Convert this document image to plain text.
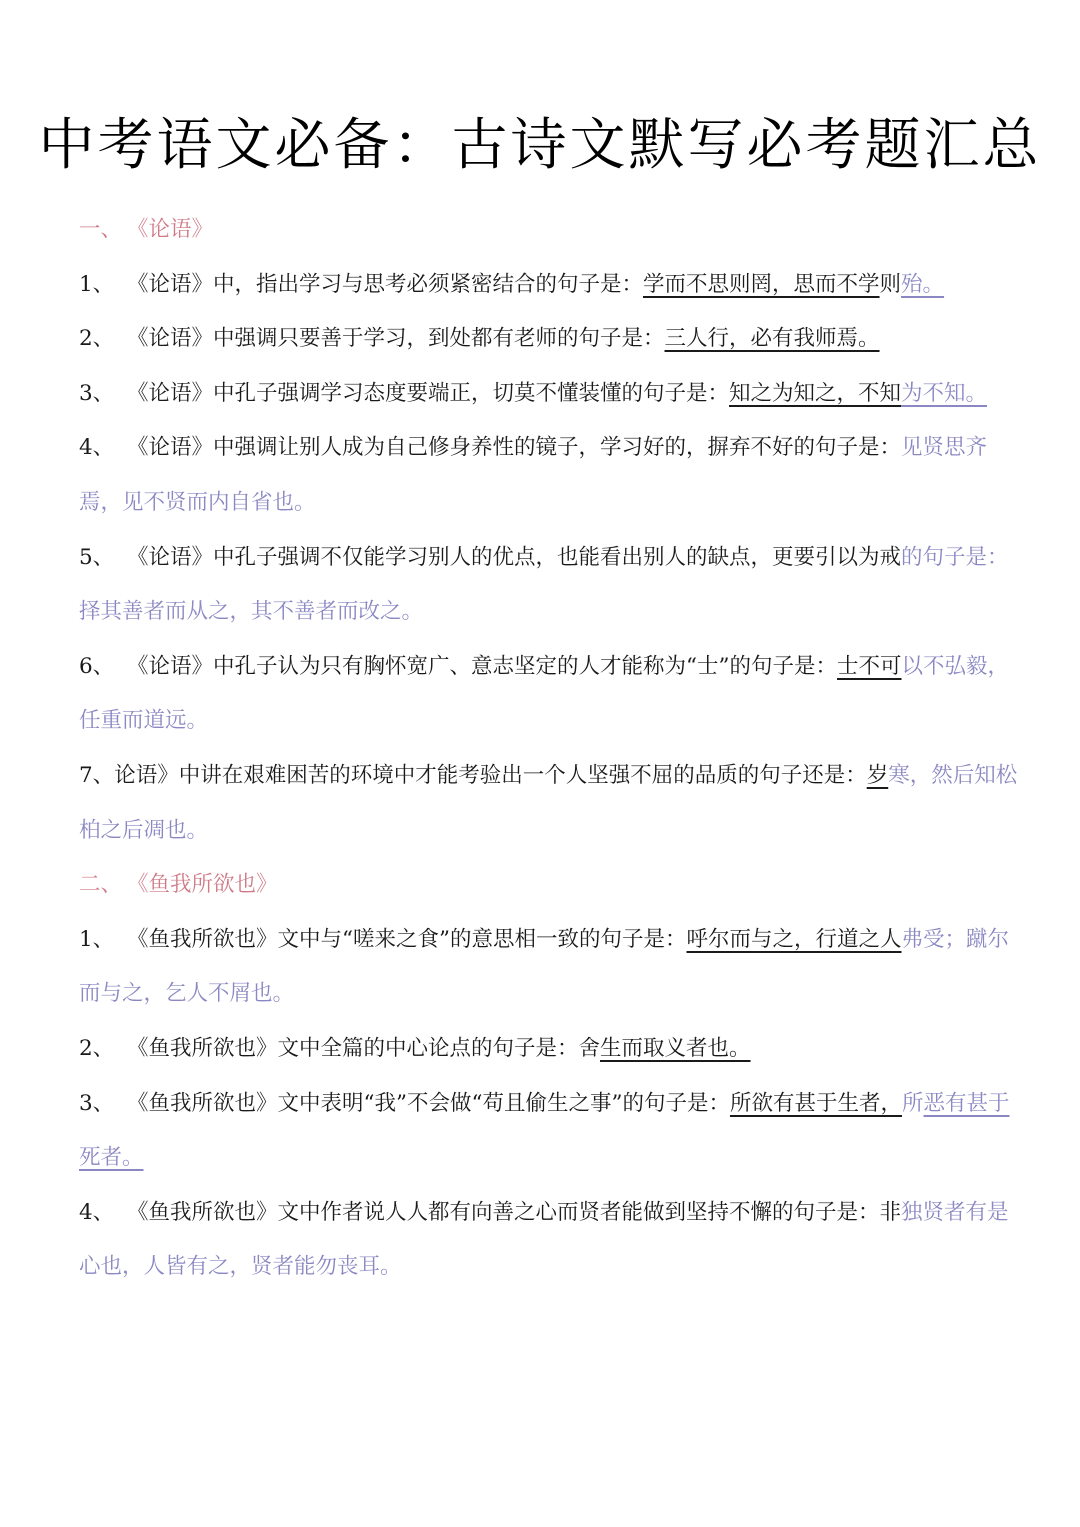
中考语文必备：古诗文默写必考题汇总

一、 《论语》

1、 《论语》中，指出学习与思考必须紧密结合的句子是：学而不思则罔，思而不学则殆。

2、 《论语》中强调只要善于学习，到处都有老师的句子是：三人行，必有我师焉。

3、 《论语》中孔子强调学习态度要端正，切莫不懂装懂的句子是：知之为知之，不知为不知。

4、 《论语》中强调让别人成为自己修身养性的镜子，学习好的，摒弃不好的句子是：见贤思齐焉，见不贤而内自省也。

5、 《论语》中孔子强调不仅能学习别人的优点，也能看出别人的缺点，更要引以为戒的句子是：择其善者而从之，其不善者而改之。

6、 《论语》中孔子认为只有胸怀宽广、意志坚定的人才能称为“士”的句子是：士不可以不弘毅，任重而道远。

7、论语》中讲在艰难困苦的环境中才能考验出一个人坚强不屈的品质的句子还是：岁寒，然后知松柏之后凋也。

二、 《鱼我所欲也》

1、 《鱼我所欲也》文中与“嗟来之食”的意思相一致的句子是：呼尔而与之，行道之人弗受；蹴尔而与之，乞人不屑也。

2、 《鱼我所欲也》文中全篇的中心论点的句子是：舍生而取义者也。

3、 《鱼我所欲也》文中表明“我”不会做“苟且偷生之事”的句子是：所欲有甚于生者，所恶有甚于死者。

4、 《鱼我所欲也》文中作者说人人都有向善之心而贤者能做到坚持不懈的句子是：非独贤者有是心也，人皆有之，贤者能勿丧耳。
